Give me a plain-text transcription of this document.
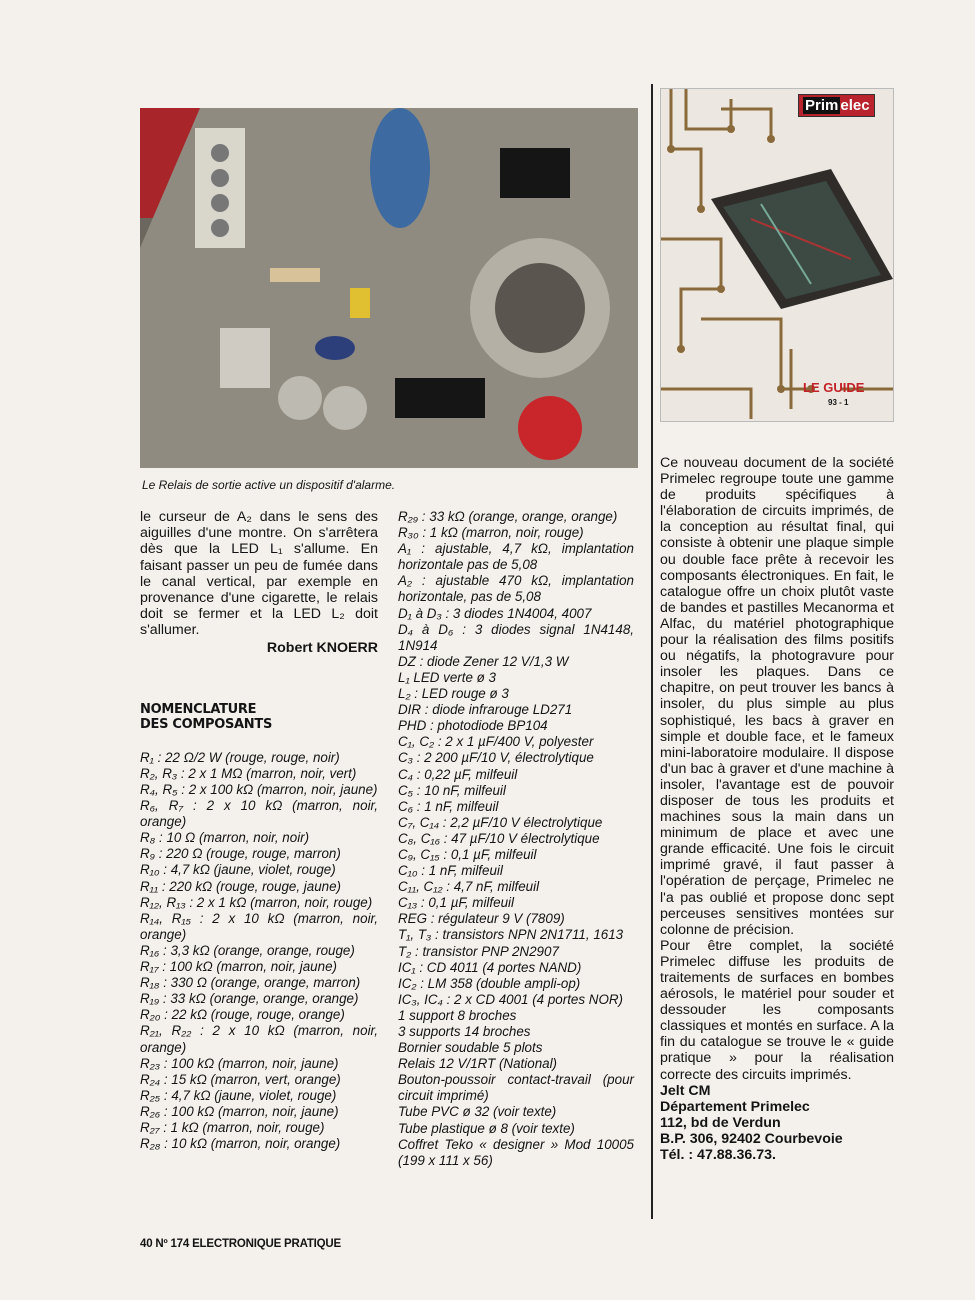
Le Relais de sortie active un dispositif d'alarme.

le curseur de A₂ dans le sens des aiguilles d'une montre. On s'arrêtera dès que la LED L₁ s'allume. En faisant passer un peu de fumée dans le canal vertical, par exemple en provenance d'une cigarette, le relais doit se fermer et la LED L₂ doit s'allumer.

Robert KNOERR
NOMENCLATURE
DES COMPOSANTS
R₁ : 22 Ω/2 W (rouge, rouge, noir)
R₂, R₃ : 2 x 1 MΩ (marron, noir, vert)
R₄, R₅ : 2 x 100 kΩ (marron, noir, jaune)
R₆, R₇ : 2 x 10 kΩ (marron, noir, orange)
R₈ : 10 Ω (marron, noir, noir)
R₉ : 220 Ω (rouge, rouge, marron)
R₁₀ : 4,7 kΩ (jaune, violet, rouge)
R₁₁ : 220 kΩ (rouge, rouge, jaune)
R₁₂, R₁₃ : 2 x 1 kΩ (marron, noir, rouge)
R₁₄, R₁₅ : 2 x 10 kΩ (marron, noir, orange)
R₁₆ : 3,3 kΩ (orange, orange, rouge)
R₁₇ : 100 kΩ (marron, noir, jaune)
R₁₈ : 330 Ω (orange, orange, marron)
R₁₉ : 33 kΩ (orange, orange, orange)
R₂₀ : 22 kΩ (rouge, rouge, orange)
R₂₁, R₂₂ : 2 x 10 kΩ (marron, noir, orange)
R₂₃ : 100 kΩ (marron, noir, jaune)
R₂₄ : 15 kΩ (marron, vert, orange)
R₂₅ : 4,7 kΩ (jaune, violet, rouge)
R₂₆ : 100 kΩ (marron, noir, jaune)
R₂₇ : 1 kΩ (marron, noir, rouge)
R₂₈ : 10 kΩ (marron, noir, orange)
R₂₉ : 33 kΩ (orange, orange, orange)
R₃₀ : 1 kΩ (marron, noir, rouge)
A₁ : ajustable, 4,7 kΩ, implantation horizontale pas de 5,08
A₂ : ajustable 470 kΩ, implantation horizontale, pas de 5,08
D₁ à D₃ : 3 diodes 1N4004, 4007
D₄ à D₆ : 3 diodes signal 1N4148, 1N914
DZ : diode Zener 12 V/1,3 W
L₁ LED verte ø 3
L₂ : LED rouge ø 3
DIR : diode infrarouge LD271
PHD : photodiode BP104
C₁, C₂ : 2 x 1 µF/400 V, polyester
C₃ : 2 200 µF/10 V, électrolytique
C₄ : 0,22 µF, milfeuil
C₅ : 10 nF, milfeuil
C₆ : 1 nF, milfeuil
C₇, C₁₄ : 2,2 µF/10 V électrolytique
C₈, C₁₆ : 47 µF/10 V électrolytique
C₉, C₁₅ : 0,1 µF, milfeuil
C₁₀ : 1 nF, milfeuil
C₁₁, C₁₂ : 4,7 nF, milfeuil
C₁₃ : 0,1 µF, milfeuil
REG : régulateur 9 V (7809)
T₁, T₃ : transistors NPN 2N1711, 1613
T₂ : transistor PNP 2N2907
IC₁ : CD 4011 (4 portes NAND)
IC₂ : LM 358 (double ampli-op)
IC₃, IC₄ : 2 x CD 4001 (4 portes NOR)
1 support 8 broches
3 supports 14 broches
Bornier soudable 5 plots
Relais 12 V/1RT (National)
Bouton-poussoir contact-travail (pour circuit imprimé)
Tube PVC ø 32 (voir texte)
Tube plastique ø 8 (voir texte)
Coffret Teko « designer » Mod 10005 (199 x 111 x 56)
Prim elec
LE GUIDE
93 - 1

Ce nouveau document de la société Primelec regroupe toute une gamme de produits spécifiques à l'élaboration de circuits imprimés, de la conception au résultat final, qui consiste à obtenir une plaque simple ou double face prête à recevoir les composants électroniques. En fait, le catalogue offre un choix plutôt vaste de bandes et pastilles Mecanorma et Alfac, du matériel photographique pour la réalisation des films positifs ou négatifs, la photogravure pour insoler les plaques. Dans ce chapitre, on peut trouver les bancs à insoler, du plus simple au plus sophistiqué, les bacs à graver en simple et double face, et le fameux mini-laboratoire modulaire. Il dispose d'un bac à graver et d'une machine à insoler, l'avantage est de pouvoir disposer de tous les produits et machines sous la main dans un minimum de place et avec une grande efficacité. Une fois le circuit imprimé gravé, il faut passer à l'opération de perçage, Primelec ne l'a pas oublié et propose donc sept perceuses sensitives montées sur colonne de précision.

Pour être complet, la société Primelec diffuse les produits de traitements de surfaces en bombes aérosols, le matériel pour souder et dessouder les composants classiques et montés en surface. A la fin du catalogue se trouve le « guide pratique » pour la réalisation correcte des circuits imprimés.

Jelt CM
Département Primelec
112, bd de Verdun
B.P. 306, 92402 Courbevoie
Tél. : 47.88.36.73.
40 Nº 174 ELECTRONIQUE PRATIQUE
